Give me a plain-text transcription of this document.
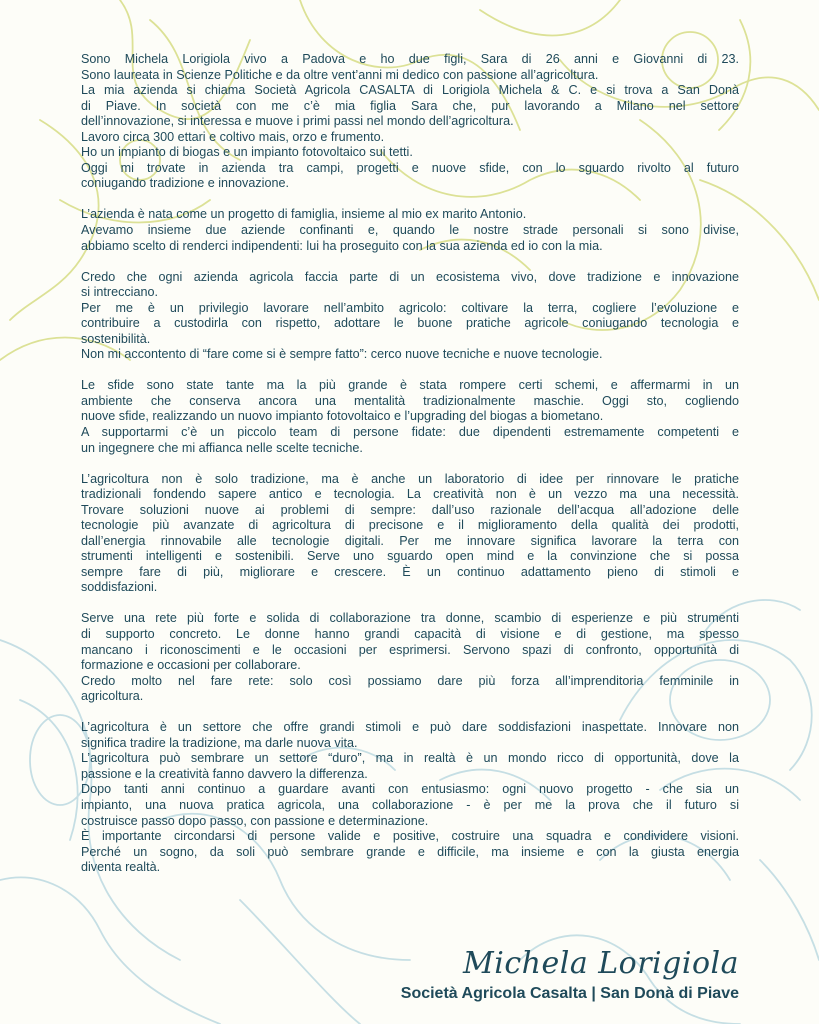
Sono Michela Lorigiola vivo a Padova e ho due figli, Sara di 26 anni e Giovanni di 23.

Sono laureata in Scienze Politiche e da oltre vent’anni mi dedico con passione all’agricoltura.

La mia azienda si chiama Società Agricola CASALTA di Lorigiola Michela & C. e si trova a San Donà

di Piave. In società con me c’è mia figlia Sara che, pur lavorando a Milano nel settore

dell’innovazione, si interessa e muove i primi passi nel mondo dell’agricoltura.

Lavoro circa 300 ettari e coltivo mais, orzo e frumento.

Ho un impianto di biogas e un impianto fotovoltaico sui tetti.

Oggi mi trovate in azienda tra campi, progetti e nuove sfide, con lo sguardo rivolto al futuro

coniugando tradizione e innovazione.

L’azienda è nata come un progetto di famiglia, insieme al mio ex marito Antonio.

Avevamo insieme due aziende confinanti e, quando le nostre strade personali si sono divise,

abbiamo scelto di renderci indipendenti: lui ha proseguito con la sua azienda ed io con la mia.

Credo che ogni azienda agricola faccia parte di un ecosistema vivo, dove tradizione e innovazione

si intrecciano.

Per me è un privilegio lavorare nell’ambito agricolo: coltivare la terra, cogliere l’evoluzione e

contribuire a custodirla con rispetto, adottare le buone pratiche agricole coniugando tecnologia e

sostenibilità.

Non mi accontento di “fare come si è sempre fatto”: cerco nuove tecniche e nuove tecnologie.

Le sfide sono state tante ma la più grande è stata rompere certi schemi, e affermarmi in un

ambiente che conserva ancora una mentalità tradizionalmente maschie. Oggi sto, cogliendo

nuove sfide, realizzando un nuovo impianto fotovoltaico e l’upgrading del biogas a biometano.

A supportarmi c’è un piccolo team di persone fidate: due dipendenti estremamente competenti e

un ingegnere che mi affianca nelle scelte tecniche.

L’agricoltura non è solo tradizione, ma è anche un laboratorio di idee per rinnovare le pratiche

tradizionali fondendo sapere antico e tecnologia. La creatività non è un vezzo ma una necessità.

Trovare soluzioni nuove ai problemi di sempre: dall’uso razionale dell’acqua all’adozione delle

tecnologie più avanzate di agricoltura di precisone e il miglioramento della qualità dei prodotti,

dall’energia rinnovabile alle tecnologie digitali. Per me innovare significa lavorare la terra con

strumenti intelligenti e sostenibili. Serve uno sguardo open mind e la convinzione che si possa

sempre fare di più, migliorare e crescere. È un continuo adattamento pieno di stimoli e

soddisfazioni.

Serve una rete più forte e solida di collaborazione tra donne, scambio di esperienze e più strumenti

di supporto concreto. Le donne hanno grandi capacità di visione e di gestione, ma spesso

mancano i riconoscimenti e le occasioni per esprimersi. Servono spazi di confronto, opportunità di

formazione e occasioni per collaborare.

Credo molto nel fare rete: solo così possiamo dare più forza all’imprenditoria femminile in

agricoltura.

L’agricoltura è un settore che offre grandi stimoli e può dare soddisfazioni inaspettate. Innovare non

significa tradire la tradizione, ma darle nuova vita.

L’agricoltura può sembrare un settore “duro”, ma in realtà è un mondo ricco di opportunità, dove la

passione e la creatività fanno davvero la differenza.

Dopo tanti anni continuo a guardare avanti con entusiasmo: ogni nuovo progetto - che sia un

impianto, una nuova pratica agricola, una collaborazione - è per me la prova che il futuro si

costruisce passo dopo passo, con passione e determinazione.

È importante circondarsi di persone valide e positive, costruire una squadra e condividere visioni.

Perché un sogno, da soli può sembrare grande e difficile, ma insieme e con la giusta energia

diventa realtà.

Michela Lorigiola
Società Agricola Casalta | San Donà di Piave
